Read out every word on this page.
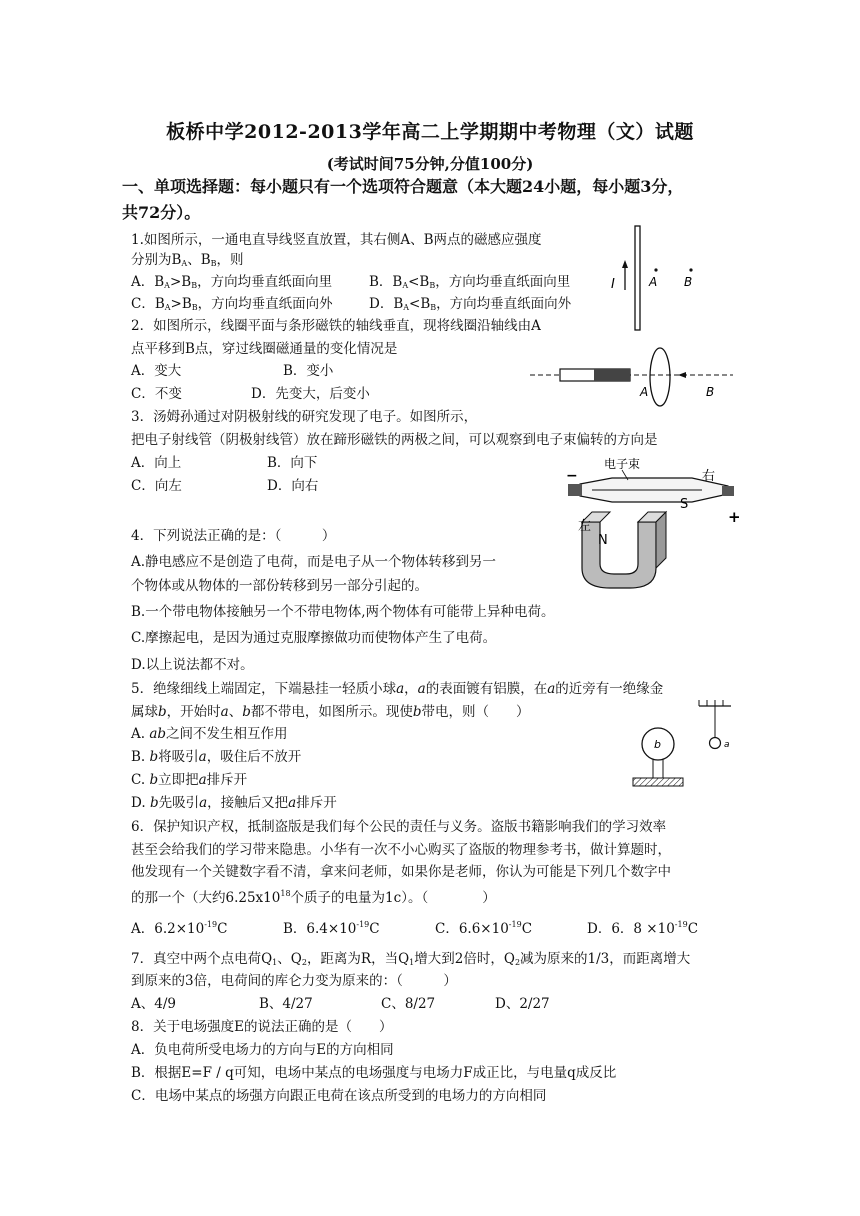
板桥中学2012-2013学年高二上学期期中考物理（文）试题
(考试时间75分钟,分值100分)
一、单项选择题：每小题只有一个选项符合题意（本大题24小题，每小题3分，
共72分）。
1.如图所示，一通电直导线竖直放置，其右侧A、B两点的磁感应强度
分别为$B_A$、$B_B$，则
A．$B_A>B_B$，方向均垂直纸面向里	B．$B_A<B_B$，方向均垂直纸面向里
C．$B_A>B_B$，方向均垂直纸面向外	D．$B_A<B_B$，方向均垂直纸面向外
I	A B
2．如图所示，线圈平面与条形磁铁的轴线垂直，现将线圈沿轴线由A
点平移到B点，穿过线圈磁通量的变化情况是
A．变大	B．变小
C．不变	D．先变大，后变小	A	B
3．汤姆孙通过对阴极射线的研究发现了电子。如图所示，
把电子射线管（阴极射线管）放在蹄形磁铁的两极之间，可以观察到电子束偏转的方向是
A．向上	B．向下
C．向左	D．向右
电子束
右
S
左
N
−
+
4．下列说法正确的是：（　　　）
A.静电感应不是创造了电荷，而是电子从一个物体转移到另一
个物体或从物体的一部份转移到另一部分引起的。
B.一个带电物体接触另一个不带电物体,两个物体有可能带上异种电荷。
C.摩擦起电，是因为通过克服摩擦做功而使物体产生了电荷。
D.以上说法都不对。
5．绝缘细线上端固定，下端悬挂一轻质小球a，a的表面镀有铝膜，在a的近旁有一绝缘金
属球b，开始时a、b都不带电，如图所示。现使b带电，则（　　）
A. ab之间不发生相互作用
B. b将吸引a，吸住后不放开
C. b立即把a排斥开
D. b先吸引a，接触后又把a排斥开
b	a
6．保护知识产权，抵制盗版是我们每个公民的责任与义务。盗版书籍影响我们的学习效率
甚至会给我们的学习带来隐患。小华有一次不小心购买了盗版的物理参考书，做计算题时，
他发现有一个关键数字看不清，拿来问老师，如果你是老师，你认为可能是下列几个数字中
的那一个（大约$6.25x10^{18}$个质子的电量为1c）。（　　　　）
A．$6.2\times 10^{-19}C$	B．$6.4\times 10^{-19}C$	C．$6.6\times 10^{-19}C$	D．6．$8 \times 10^{-19}C$
7．真空中两个点电荷$Q_1$、$Q_2$，距离为R，当$Q_1$增大到2倍时，$Q_2$减为原来的1/3，而距离增大
到原来的3倍，电荷间的库仑力变为原来的：（　　　）
A、4/9	B、4/27	C、8/27	D、2/27
8．关于电场强度E的说法正确的是（　　）
A．负电荷所受电场力的方向与E的方向相同
B．根据E=F / q可知，电场中某点的电场强度与电场力F成正比，与电量q成反比
C．电场中某点的场强方向跟正电荷在该点所受到的电场力的方向相同
